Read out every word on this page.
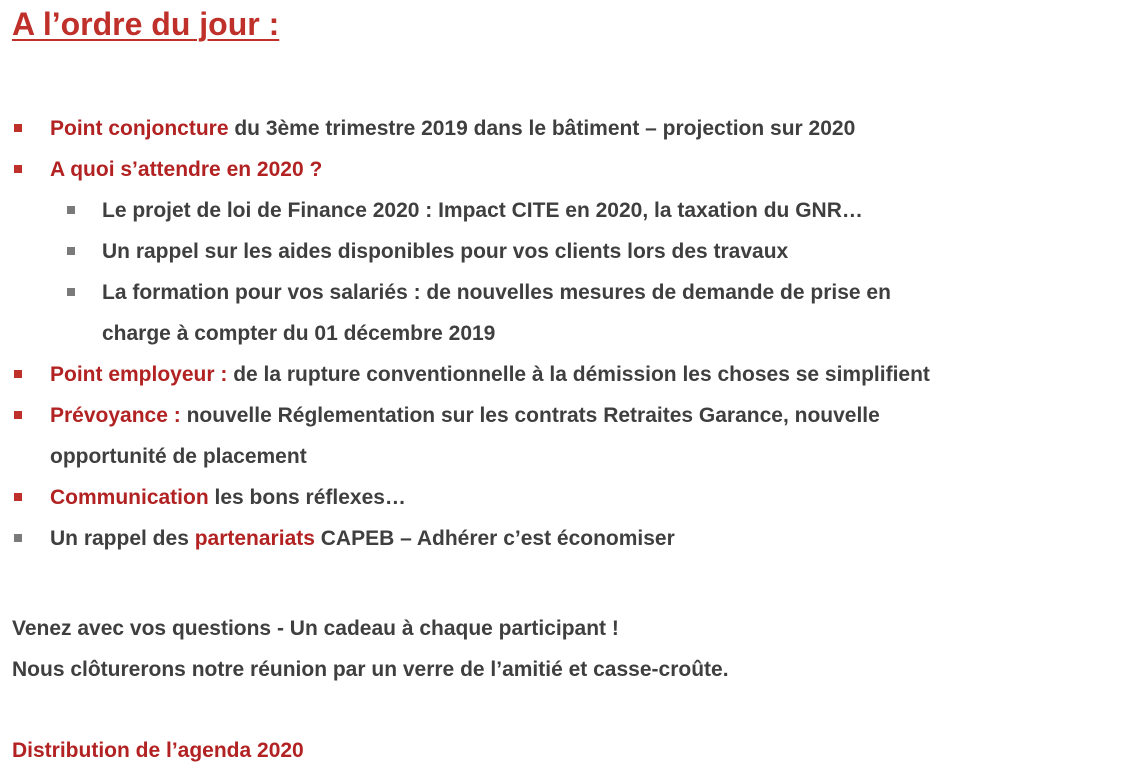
A l’ordre du jour :
Point conjoncture du 3ème trimestre 2019 dans le bâtiment – projection sur 2020
A quoi s’attendre en 2020 ?
Le projet de loi de Finance 2020 : Impact CITE en 2020, la taxation du GNR…
Un rappel sur les aides disponibles pour vos clients lors des travaux
La formation pour vos salariés : de nouvelles mesures de demande de prise en
charge à compter du 01 décembre 2019
Point employeur : de la rupture conventionnelle à la démission les choses se simplifient
Prévoyance : nouvelle Réglementation sur les contrats Retraites Garance, nouvelle
opportunité de placement
Communication les bons réflexes…
Un rappel des partenariats CAPEB – Adhérer c’est économiser
Venez avec vos questions - Un cadeau à chaque participant !
Nous clôturerons notre réunion par un verre de l’amitié et casse-croûte.
Distribution de l’agenda 2020
